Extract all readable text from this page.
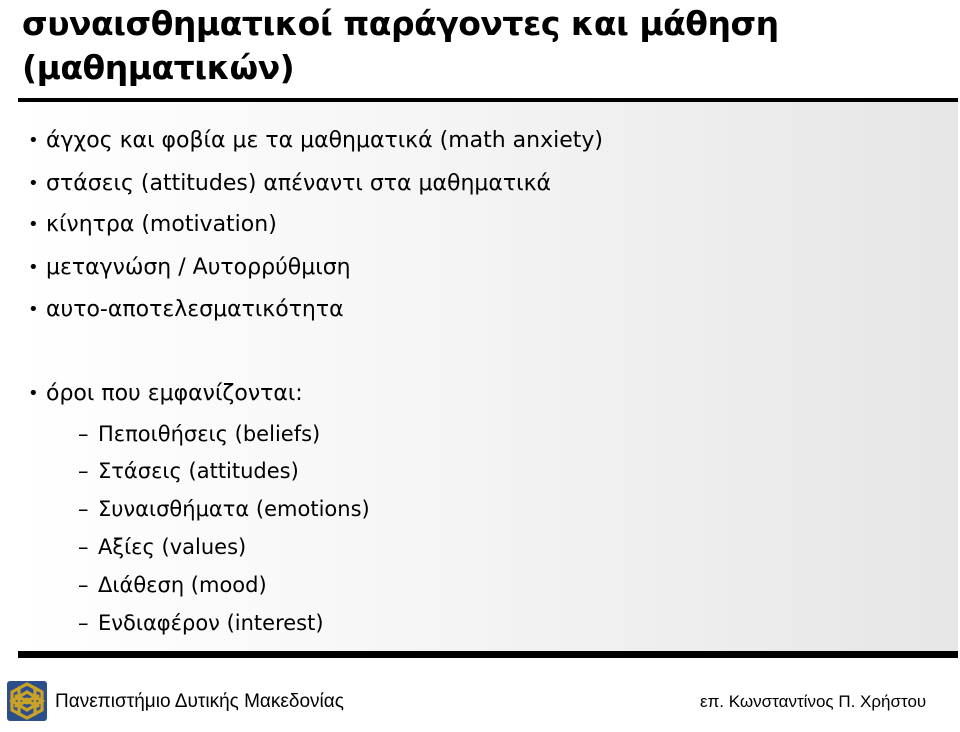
συναισθηματικοί παράγοντες και μάθηση
(μαθηματικών)
• άγχος και φοβία με τα μαθηματικά (math anxiety)
• στάσεις (attitudes) απέναντι στα μαθηματικά
• κίνητρα (motivation)
• μεταγνώση / Αυτορρύθμιση
• αυτο-αποτελεσματικότητα
• όροι που εμφανίζονται:
– Πεποιθήσεις (beliefs)
– Στάσεις (attitudes)
– Συναισθήματα (emotions)
– Αξίες (values)
– Διάθεση (mood)
– Ενδιαφέρον (interest)
Πανεπιστήμιο Δυτικής Μακεδονίας	επ. Κωνσταντίνος Π. Χρήστου
